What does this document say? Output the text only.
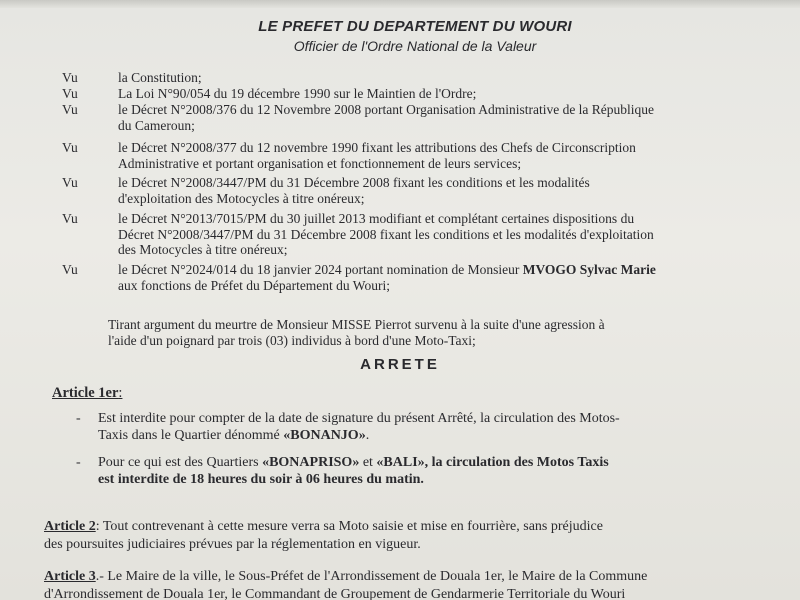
LE PREFET DU DEPARTEMENT DU WOURI
Officier de l'Ordre National de la Valeur
Vu	la Constitution;
Vu	La Loi N°90/054 du 19 décembre 1990 sur le Maintien de l'Ordre;
Vu	le Décret N°2008/376 du 12 Novembre 2008 portant Organisation Administrative de la République
du Cameroun;
Vu	le Décret N°2008/377 du 12 novembre 1990 fixant les attributions des Chefs de Circonscription
Administrative et portant organisation et fonctionnement de leurs services;
Vu	le Décret N°2008/3447/PM du 31 Décembre 2008 fixant les conditions et les modalités
d'exploitation des Motocycles à titre onéreux;
Vu	le Décret N°2013/7015/PM du 30 juillet 2013 modifiant et complétant certaines dispositions du
Décret N°2008/3447/PM du 31 Décembre 2008 fixant les conditions et les modalités d'exploitation
des Motocycles à titre onéreux;
Vu	le Décret N°2024/014 du 18 janvier 2024 portant nomination de Monsieur MVOGO Sylvac Marie
aux fonctions de Préfet du Département du Wouri;
Tirant argument du meurtre de Monsieur MISSE Pierrot survenu à la suite d'une agression à
l'aide d'un poignard par trois (03) individus à bord d'une Moto-Taxi;
ARRETE
Article 1er:
- Est interdite pour compter de la date de signature du présent Arrêté, la circulation des Motos-
Taxis dans le Quartier dénommé «BONANJO».
- Pour ce qui est des Quartiers «BONAPRISO» et «BALI», la circulation des Motos Taxis
est interdite de 18 heures du soir à 06 heures du matin.
Article 2: Tout contrevenant à cette mesure verra sa Moto saisie et mise en fourrière, sans préjudice
des poursuites judiciaires prévues par la réglementation en vigueur.
Article 3.- Le Maire de la ville, le Sous-Préfet de l'Arrondissement de Douala 1er, le Maire de la Commune
d'Arrondissement de Douala 1er, le Commandant de Groupement de Gendarmerie Territoriale du Wouri
